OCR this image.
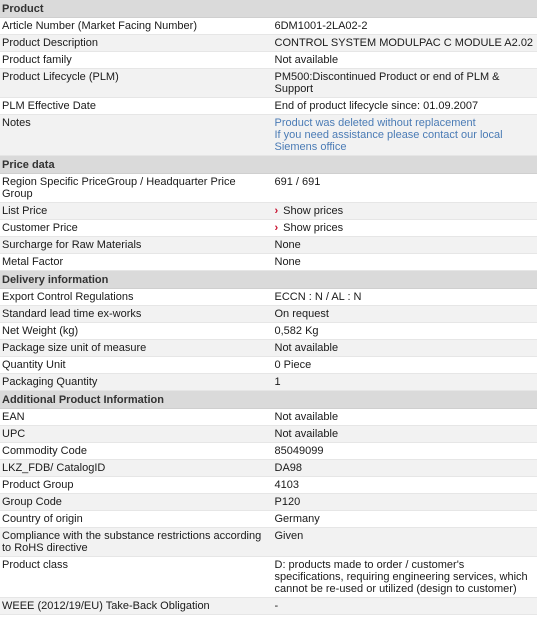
Product	
Article Number (Market Facing Number)	6DM1001-2LA02-2
Product Description	CONTROL SYSTEM MODULPAC C MODULE A2.02
Product family	Not available
Product Lifecycle (PLM)	PM500:Discontinued Product or end of PLM & Support
PLM Effective Date	End of product lifecycle since: 01.09.2007
Notes	Product was deleted without replacement
If you need assistance please contact our local
Siemens office

Price data	
Region Specific PriceGroup / Headquarter Price Group	691 / 691
List Price	› Show prices
Customer Price	› Show prices
Surcharge for Raw Materials	None
Metal Factor	None
Delivery information	
Export Control Regulations	ECCN : N / AL : N
Standard lead time ex-works	On request
Net Weight (kg)	0,582 Kg
Package size unit of measure	Not available
Quantity Unit	0 Piece
Packaging Quantity	1
Additional Product Information	
EAN	Not available
UPC	Not available
Commodity Code	85049099
LKZ_FDB/ CatalogID	DA98
Product Group	4103
Group Code	P120
Country of origin	Germany
Compliance with the substance restrictions according to RoHS directive	Given
Product class	D: products made to order / customer's specifications, requiring engineering services, which cannot be re-used or utilized (design to customer)
WEEE (2012/19/EU) Take-Back Obligation	-
